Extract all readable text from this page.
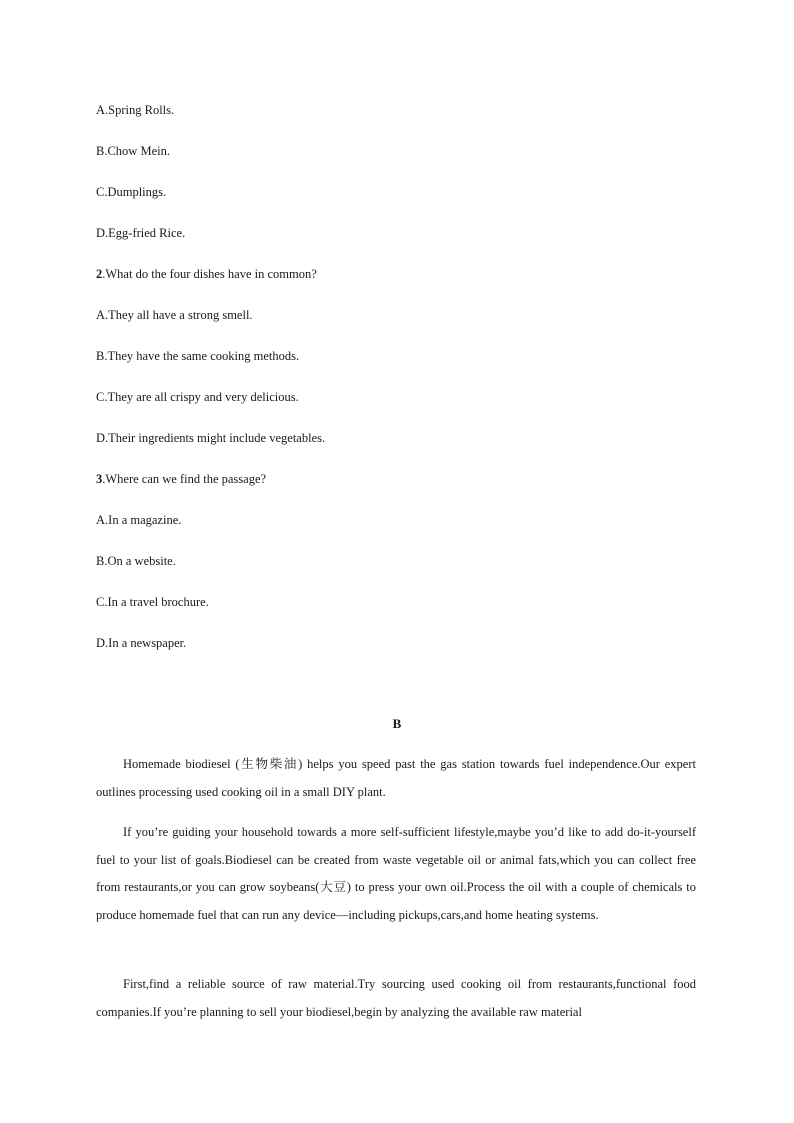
A.Spring Rolls.
B.Chow Mein.
C.Dumplings.
D.Egg-fried Rice.
2.What do the four dishes have in common?
A.They all have a strong smell.
B.They have the same cooking methods.
C.They are all crispy and very delicious.
D.Their ingredients might include vegetables.
3.Where can we find the passage?
A.In a magazine.
B.On a website.
C.In a travel brochure.
D.In a newspaper.
B

Homemade biodiesel (生物柴油) helps you speed past the gas station towards fuel independence.Our expert outlines processing used cooking oil in a small DIY plant.

If you’re guiding your household towards a more self-sufficient lifestyle,maybe you’d like to add do-it-yourself fuel to your list of goals.Biodiesel can be created from waste vegetable oil or animal fats,which you can collect free from restaurants,or you can grow soybeans(大豆) to press your own oil.Process the oil with a couple of chemicals to produce homemade fuel that can run any device—including pickups,cars,and home heating systems.

First,find a reliable source of raw material.Try sourcing used cooking oil from restaurants,functional food companies.If you’re planning to sell your biodiesel,begin by analyzing the available raw material
